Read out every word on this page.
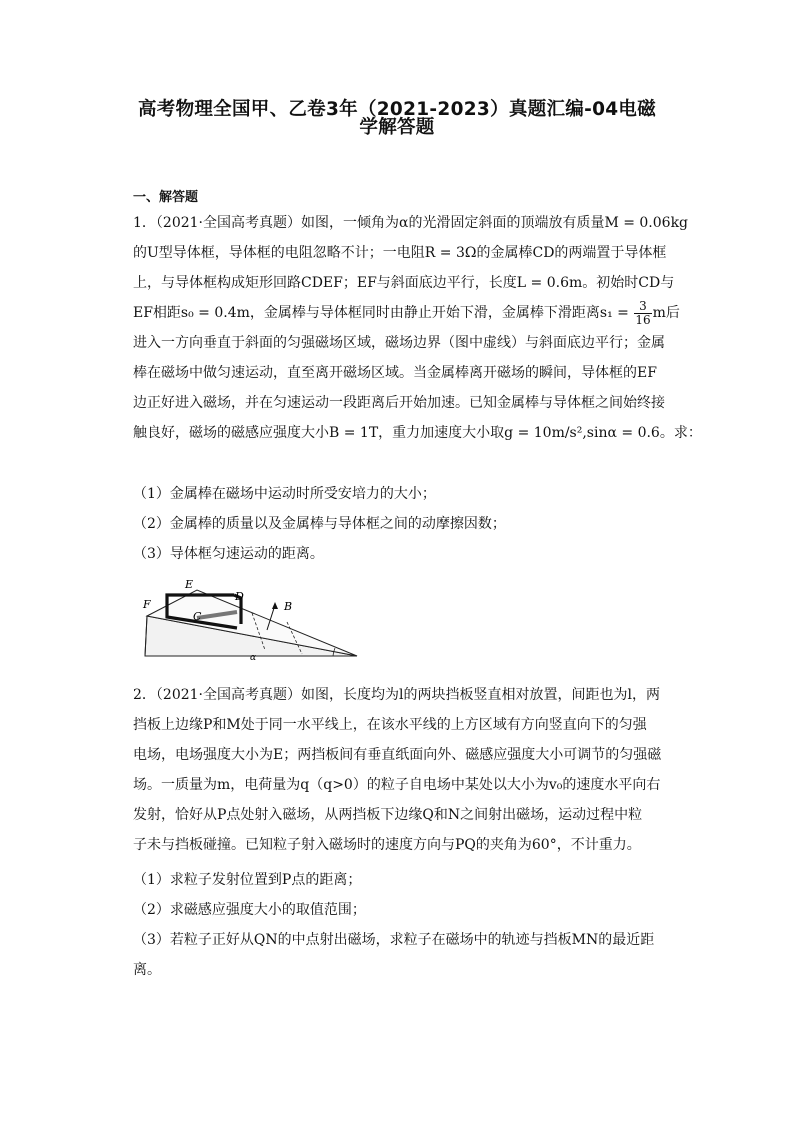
高考物理全国甲、乙卷3年（2021-2023）真题汇编-04电磁
学解答题
一、解答题
1．（2021·全国高考真题）如图，一倾角为α的光滑固定斜面的顶端放有质量M = 0.06kg
的U型导体框，导体框的电阻忽略不计；一电阻R = 3Ω的金属棒CD的两端置于导体框
上，与导体框构成矩形回路CDEF；EF与斜面底边平行，长度L = 0.6m。初始时CD与
EF相距s₀ = 0.4m，金属棒与导体框同时由静止开始下滑，金属棒下滑距离$s_1 = \frac{3}{16}$ m后
进入一方向垂直于斜面的匀强磁场区域，磁场边界（图中虚线）与斜面底边平行；金属
棒在磁场中做匀速运动，直至离开磁场区域。当金属棒离开磁场的瞬间，导体框的EF
边正好进入磁场，并在匀速运动一段距离后开始加速。已知金属棒与导体框之间始终接
触良好，磁场的磁感应强度大小B = 1T，重力加速度大小取g = 10m/s²,sinα = 0.6。求：
（1）金属棒在磁场中运动时所受安培力的大小；
（2）金属棒的质量以及金属棒与导体框之间的动摩擦因数；
（3）导体框匀速运动的距离。
E
D
F
C
B
α
2．（2021·全国高考真题）如图，长度均为l的两块挡板竖直相对放置，间距也为l，两
挡板上边缘P和M处于同一水平线上，在该水平线的上方区域有方向竖直向下的匀强
电场，电场强度大小为E；两挡板间有垂直纸面向外、磁感应强度大小可调节的匀强磁
场。一质量为m，电荷量为q（q>0）的粒子自电场中某处以大小为v₀的速度水平向右
发射，恰好从P点处射入磁场，从两挡板下边缘Q和N之间射出磁场，运动过程中粒
子未与挡板碰撞。已知粒子射入磁场时的速度方向与PQ的夹角为60°，不计重力。
（1）求粒子发射位置到P点的距离；
（2）求磁感应强度大小的取值范围；
（3）若粒子正好从QN的中点射出磁场，求粒子在磁场中的轨迹与挡板MN的最近距
离。
